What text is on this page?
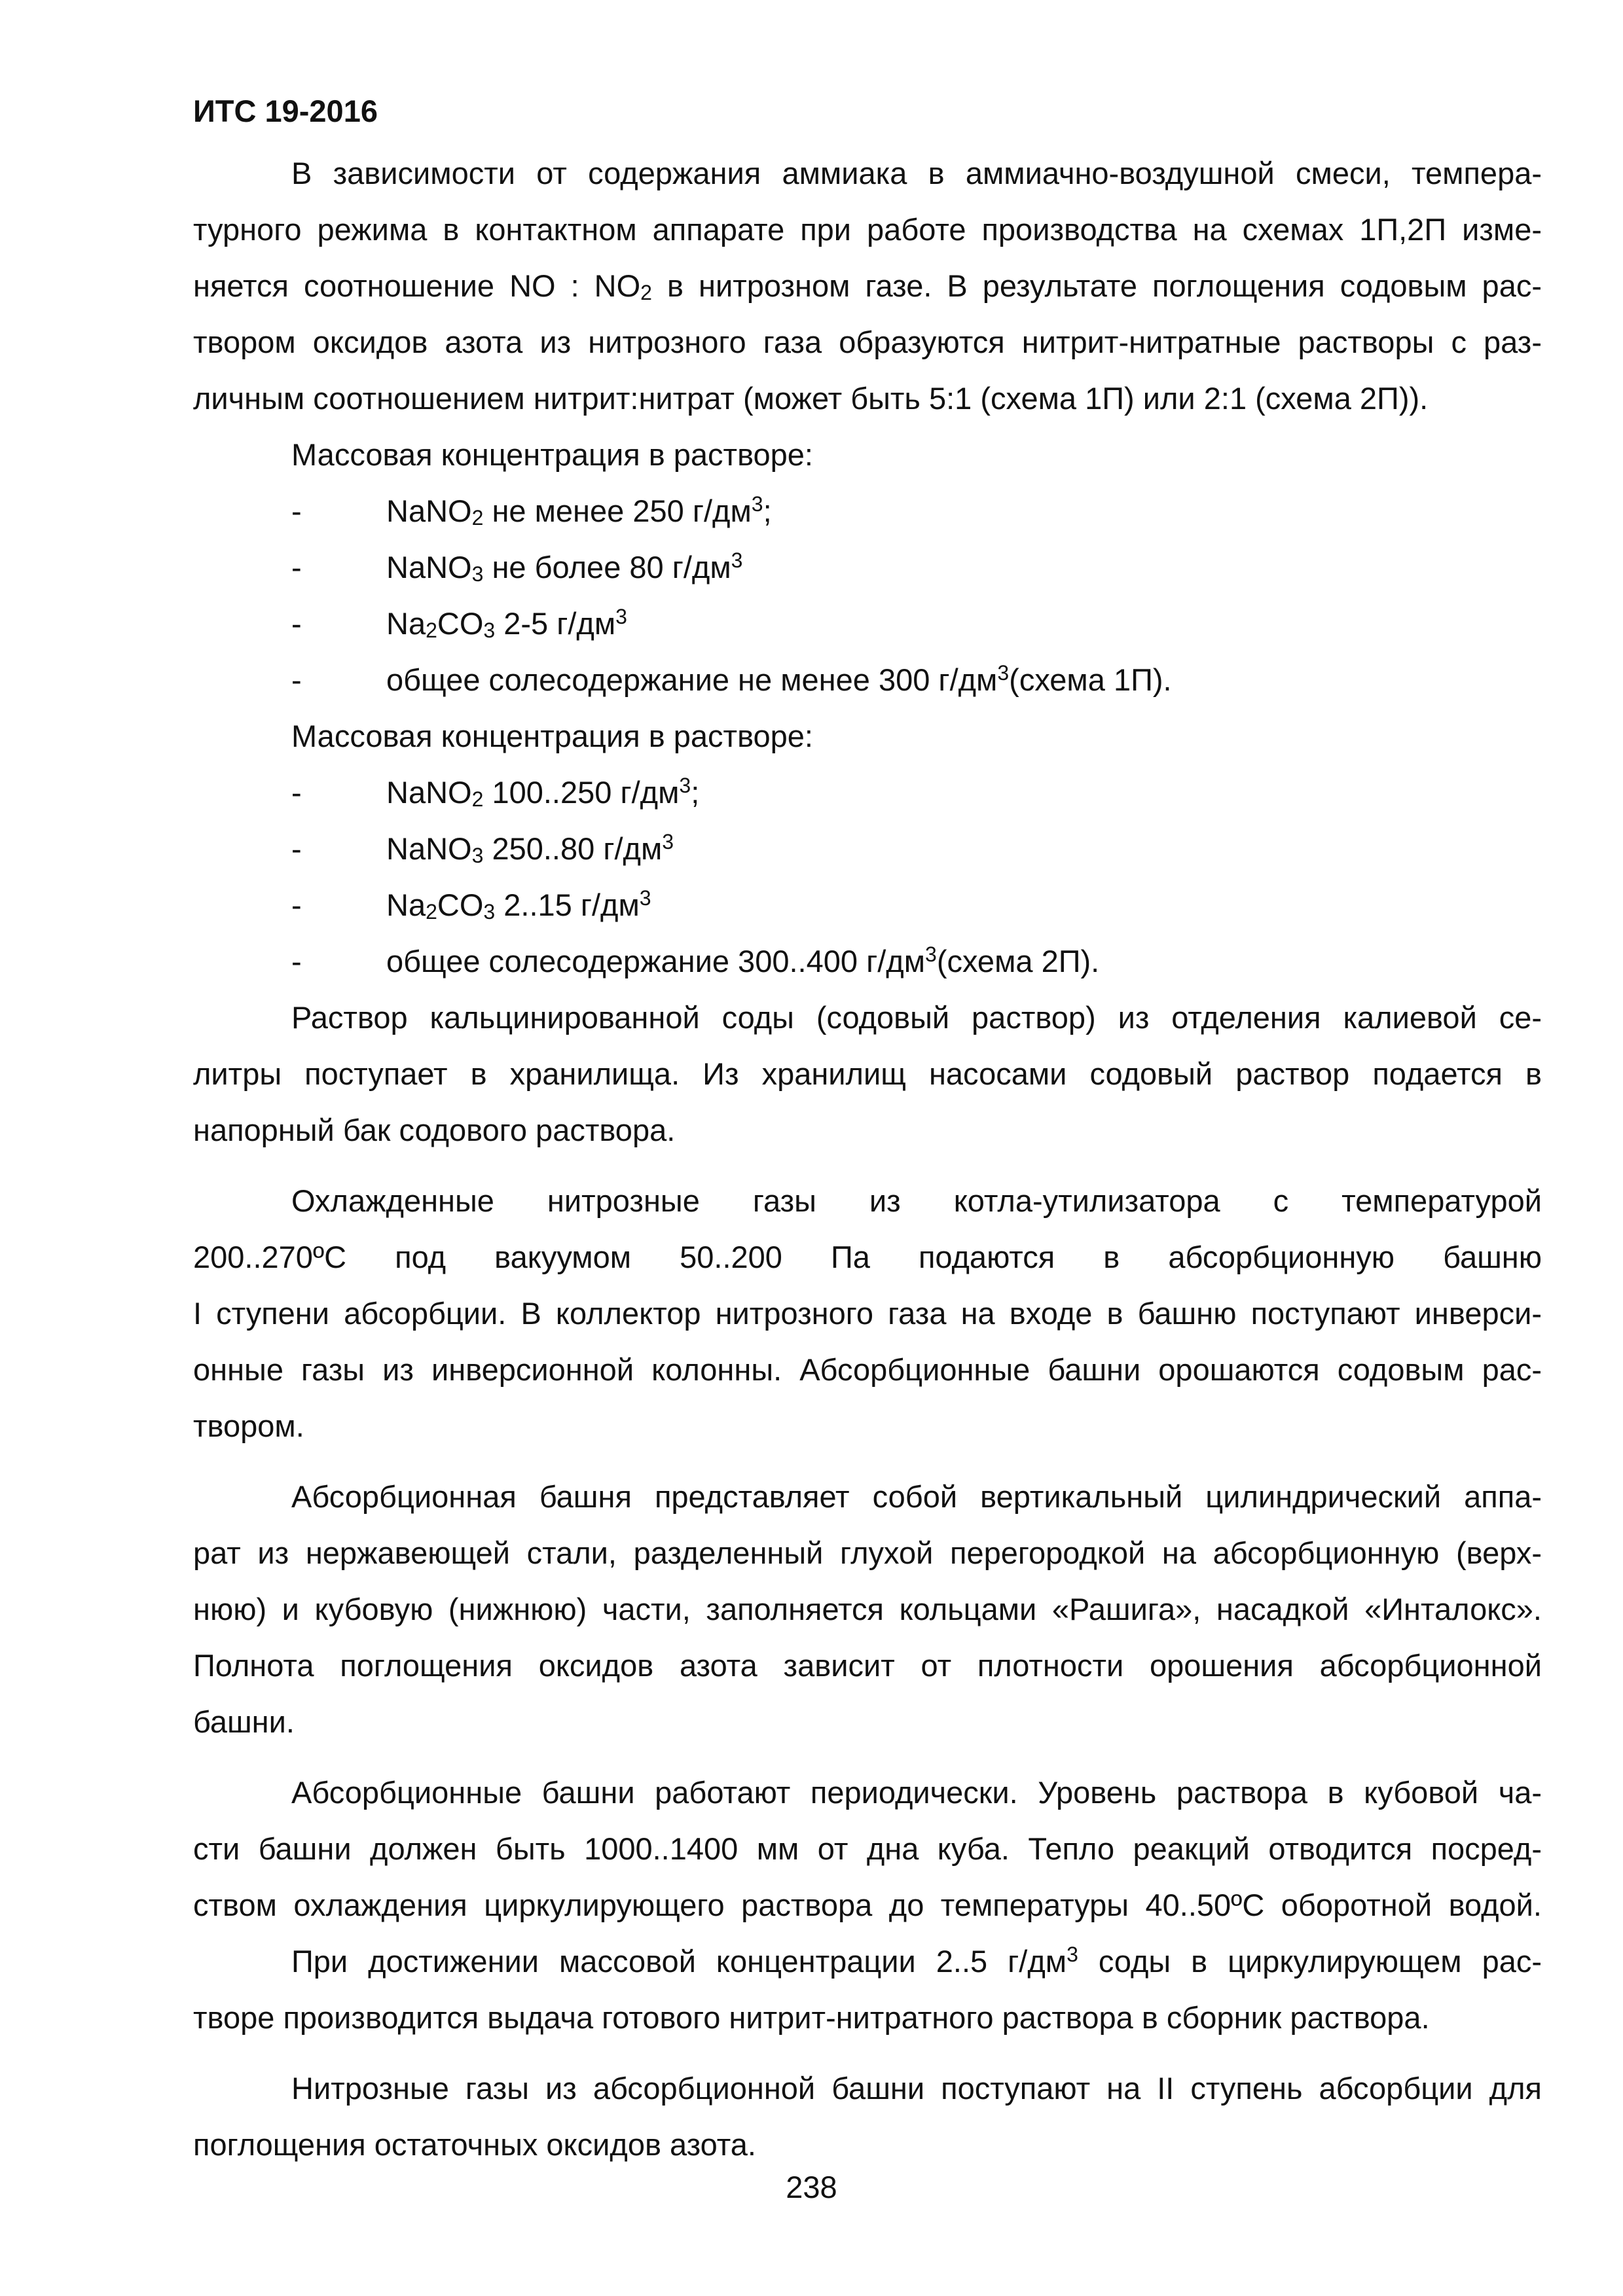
ИТС 19-2016

В зависимости от содержания аммиака в аммиачно-воздушной смеси, темпера-
турного режима в контактном аппарате при работе производства на схемах 1П,2П изме-
няется соотношение NO : NO2 в нитрозном газе. В результате поглощения содовым рас-
твором оксидов азота из нитрозного газа образуются нитрит-нитратные растворы с раз-
личным соотношением нитрит:нитрат (может быть 5:1 (схема 1П) или 2:1 (схема 2П)).

Массовая концентрация в растворе:

-	NaNO2 не менее 250 $г/дм^3$;
-	NaNO3 не более 80 $г/дм^3$
-	Na2CO3 2-5 $г/дм^3$
-	общее солесодержание не менее 300 $г/дм^3(схема$ 1П).

Массовая концентрация в растворе:

-	NaNO2 100..250 $г/дм^3$;
-	NaNO3 250..80 $г/дм^3$
-	Na2CO3 2..15 $г/дм^3$
-	общее солесодержание 300..400 $г/дм^3(схема$ 2П).

Раствор кальцинированной соды (содовый раствор) из отделения калиевой се-
литры поступает в хранилища. Из хранилищ насосами содовый раствор подается в
напорный бак содового раствора.

Охлажденные нитрозные газы из котла-утилизатора с температурой
200..270ºС под вакуумом 50..200 Па подаются в абсорбционную башню
I ступени абсорбции. В коллектор нитрозного газа на входе в башню поступают инверси-
онные газы из инверсионной колонны. Абсорбционные башни орошаются содовым рас-
твором.

Абсорбционная башня представляет собой вертикальный цилиндрический аппа-
рат из нержавеющей стали, разделенный глухой перегородкой на абсорбционную (верх-
нюю) и кубовую (нижнюю) части, заполняется кольцами «Рашига», насадкой «Инталокс».
Полнота поглощения оксидов азота зависит от плотности орошения абсорбционной
башни.

Абсорбционные башни работают периодически. Уровень раствора в кубовой ча-
сти башни должен быть 1000..1400 мм от дна куба. Тепло реакций отводится посред-
ством охлаждения циркулирующего раствора до температуры 40..50ºС оборотной водой.

При достижении массовой концентрации 2..5 $г/дм^3$ соды в циркулирующем рас-
творе производится выдача готового нитрит-нитратного раствора в сборник раствора.

Нитрозные газы из абсорбционной башни поступают на II ступень абсорбции для
поглощения остаточных оксидов азота.

238
